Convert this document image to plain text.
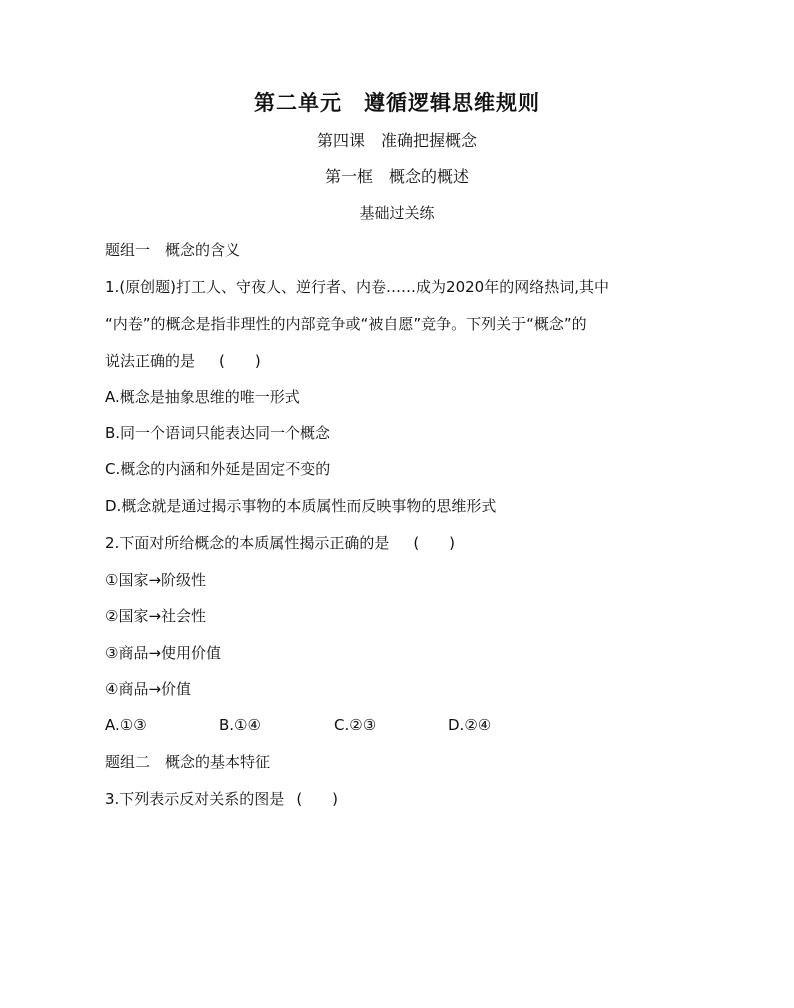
第二单元　遵循逻辑思维规则
第四课　准确把握概念
第一框　概念的概述
基础过关练
题组一　概念的含义
1.(原创题)打工人、守夜人、逆行者、内卷……成为2020年的网络热词,其中
“内卷”的概念是指非理性的内部竞争或“被自愿”竞争。下列关于“概念”的
说法正确的是 (　　)
A.概念是抽象思维的唯一形式
B.同一个语词只能表达同一个概念
C.概念的内涵和外延是固定不变的
D.概念就是通过揭示事物的本质属性而反映事物的思维形式
2.下面对所给概念的本质属性揭示正确的是 (　　)
①国家→阶级性
②国家→社会性
③商品→使用价值
④商品→价值
A.①③	B.①④	C.②③	D.②④
题组二　概念的基本特征
3.下列表示反对关系的图是 (　　)
